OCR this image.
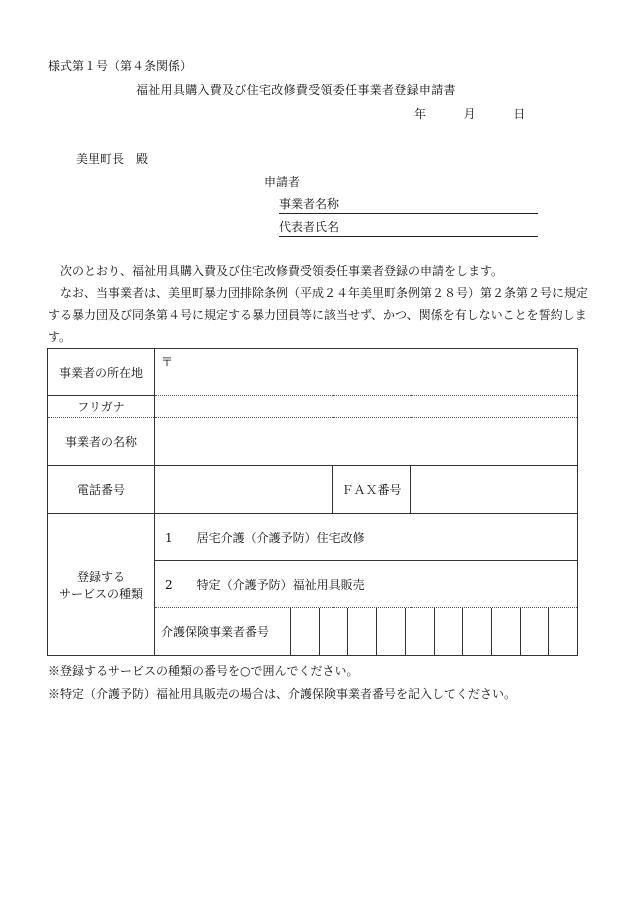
様式第１号（第４条関係）
福祉用具購入費及び住宅改修費受領委任事業者登録申請書
年	月	日
美里町長　殿
申請者
事業者名称
代表者氏名

次のとおり、福祉用具購入費及び住宅改修費受領委任事業者登録の申請をします。

なお、当事業者は、美里町暴力団排除条例（平成２４年美里町条例第２８号）第２条第２号に規定する暴力団及び同条第４号に規定する暴力団員等に該当せず、かつ、関係を有しないことを誓約します。

事業者の所在地	〒		

フリガナ			
事業者の名称			
電話番号		ＦＡＸ番号	

登録する
サービスの種類	1　　居宅介護（介護予防）住宅改修		
	2　　特定（介護予防）福祉用具販売		

介護保険事業者番号		
※登録するサービスの種類の番号を○で囲んでください。
※特定（介護予防）福祉用具販売の場合は、介護保険事業者番号を記入してください。
